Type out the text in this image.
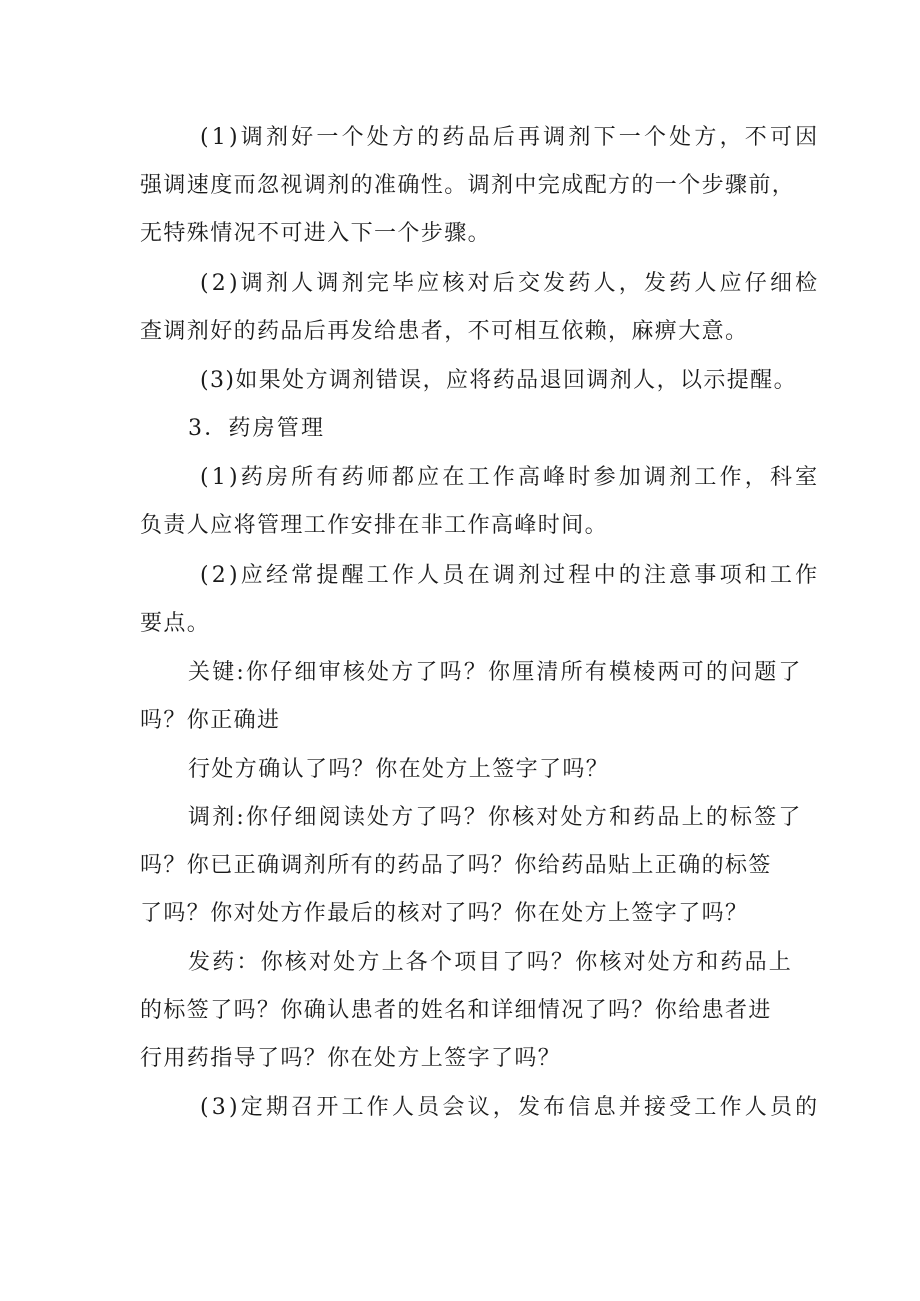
(1)调剂好一个处方的药品后再调剂下一个处方，不可因
强调速度而忽视调剂的准确性。调剂中完成配方的一个步骤前，
无特殊情况不可进入下一个步骤。
(2)调剂人调剂完毕应核对后交发药人，发药人应仔细检
查调剂好的药品后再发给患者，不可相互依赖，麻痹大意。
(3)如果处方调剂错误，应将药品退回调剂人，以示提醒。
3．药房管理
(1)药房所有药师都应在工作高峰时参加调剂工作，科室
负责人应将管理工作安排在非工作高峰时间。
(2)应经常提醒工作人员在调剂过程中的注意事项和工作
要点。
关键:你仔细审核处方了吗？你厘清所有模棱两可的问题了
吗？你正确进
行处方确认了吗？你在处方上签字了吗？
调剂:你仔细阅读处方了吗？你核对处方和药品上的标签了
吗？你已正确调剂所有的药品了吗？你给药品贴上正确的标签
了吗？你对处方作最后的核对了吗？你在处方上签字了吗？
发药：你核对处方上各个项目了吗？你核对处方和药品上
的标签了吗？你确认患者的姓名和详细情况了吗？你给患者进
行用药指导了吗？你在处方上签字了吗？
(3)定期召开工作人员会议，发布信息并接受工作人员的
